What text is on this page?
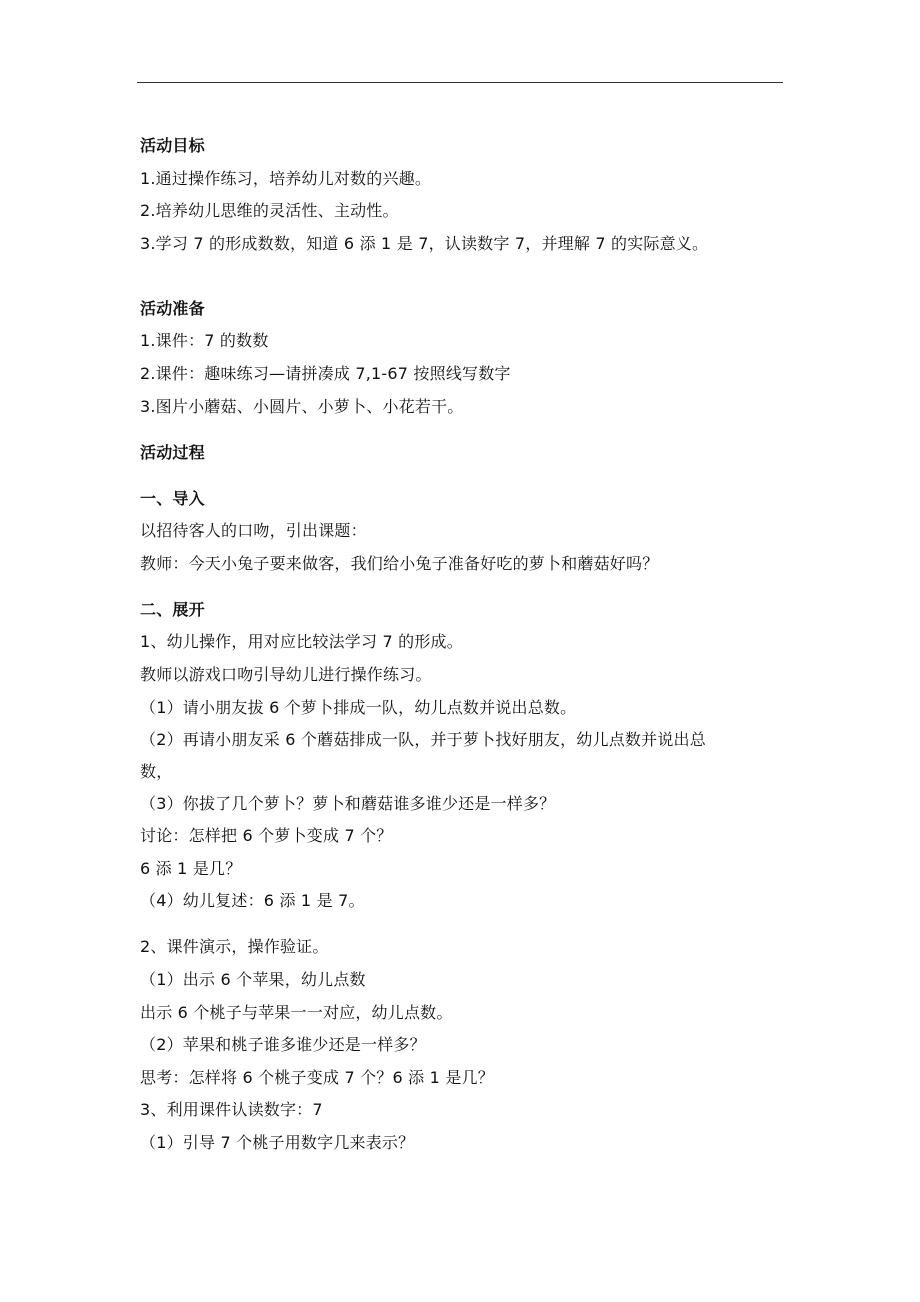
活动目标
1.通过操作练习，培养幼儿对数的兴趣。
2.培养幼儿思维的灵活性、主动性。
3.学习 7 的形成数数，知道 6 添 1 是 7，认读数字 7，并理解 7 的实际意义。
活动准备
1.课件：7 的数数
2.课件：趣味练习—请拼凑成 7,1-67 按照线写数字
3.图片小蘑菇、小圆片、小萝卜、小花若干。
活动过程
一、导入
以招待客人的口吻，引出课题：
教师：今天小兔子要来做客，我们给小兔子准备好吃的萝卜和蘑菇好吗？
二、展开
1、幼儿操作，用对应比较法学习 7 的形成。
教师以游戏口吻引导幼儿进行操作练习。
（1）请小朋友拔 6 个萝卜排成一队，幼儿点数并说出总数。
（2）再请小朋友采 6 个蘑菇排成一队，并于萝卜找好朋友，幼儿点数并说出总
数，
（3）你拔了几个萝卜？萝卜和蘑菇谁多谁少还是一样多？
讨论：怎样把 6 个萝卜变成 7 个？
6 添 1 是几？
（4）幼儿复述：6 添 1 是 7。
2、课件演示，操作验证。
（1）出示 6 个苹果，幼儿点数
出示 6 个桃子与苹果一一对应，幼儿点数。
（2）苹果和桃子谁多谁少还是一样多？
思考：怎样将 6 个桃子变成 7 个？6 添 1 是几？
3、利用课件认读数字：7
（1）引导 7 个桃子用数字几来表示？
